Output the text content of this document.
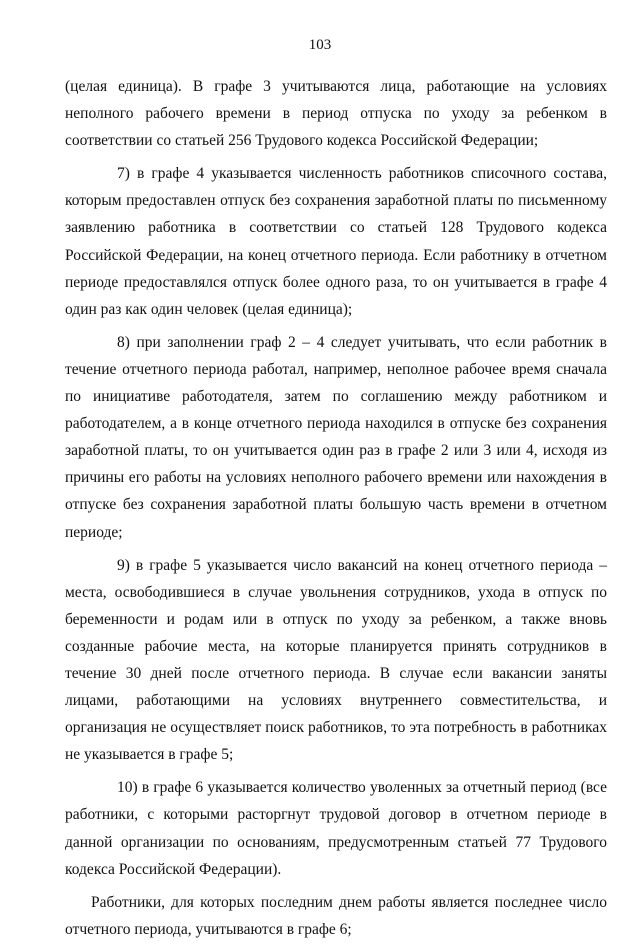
103

(целая единица). В графе 3 учитываются лица, работающие на условиях неполного рабочего времени в период отпуска по уходу за ребенком в соответствии со статьей 256 Трудового кодекса Российской Федерации;

7) в графе 4 указывается численность работников списочного состава, которым предоставлен отпуск без сохранения заработной платы по письменному заявлению работника в соответствии со статьей 128 Трудового кодекса Российской Федерации, на конец отчетного периода. Если работнику в отчетном периоде предоставлялся отпуск более одного раза, то он учитывается в графе 4 один раз как один человек (целая единица);

8) при заполнении граф 2 – 4 следует учитывать, что если работник в течение отчетного периода работал, например, неполное рабочее время сначала по инициативе работодателя, затем по соглашению между работником и работодателем, а в конце отчетного периода находился в отпуске без сохранения заработной платы, то он учитывается один раз в графе 2 или 3 или 4, исходя из причины его работы на условиях неполного рабочего времени или нахождения в отпуске без сохранения заработной платы большую часть времени в отчетном периоде;

9) в графе 5 указывается число вакансий на конец отчетного периода –места, освободившиеся в случае увольнения сотрудников, ухода в отпуск по беременности и родам или в отпуск по уходу за ребенком, а также вновь созданные рабочие места, на которые планируется принять сотрудников в течение 30 дней после отчетного периода. В случае если вакансии заняты лицами, работающими на условиях внутреннего совместительства, и организация не осуществляет поиск работников, то эта потребность в работниках не указывается в графе 5;

10) в графе 6 указывается количество уволенных за отчетный период (все работники, с которыми расторгнут трудовой договор в отчетном периоде в данной организации по основаниям, предусмотренным статьей 77 Трудового кодекса Российской Федерации).

Работники, для которых последним днем работы является последнее число отчетного периода, учитываются в графе 6;
